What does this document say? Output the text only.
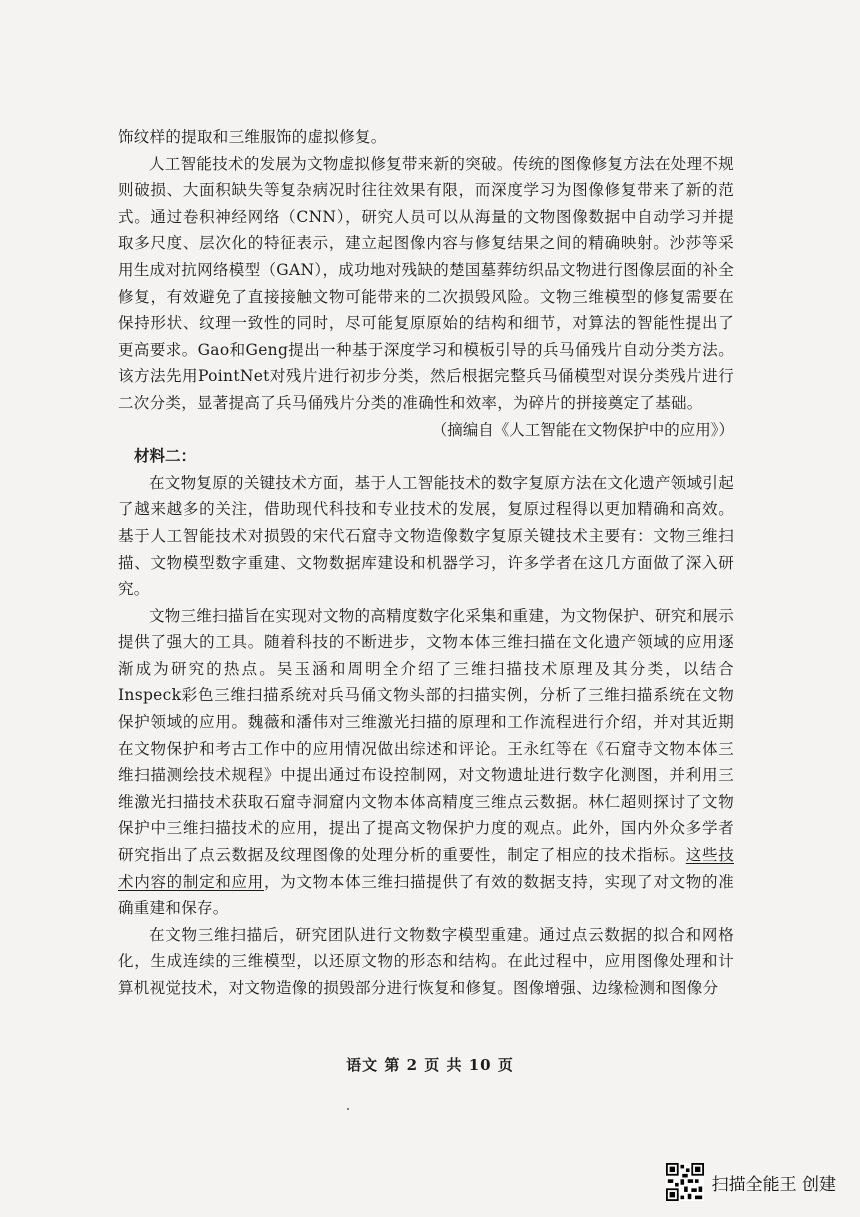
饰纹样的提取和三维服饰的虚拟修复。

人工智能技术的发展为文物虚拟修复带来新的突破。传统的图像修复方法在处理不规则破损、大面积缺失等复杂病况时往往效果有限，而深度学习为图像修复带来了新的范式。通过卷积神经网络（CNN），研究人员可以从海量的文物图像数据中自动学习并提取多尺度、层次化的特征表示，建立起图像内容与修复结果之间的精确映射。沙莎等采用生成对抗网络模型（GAN），成功地对残缺的楚国墓葬纺织品文物进行图像层面的补全修复，有效避免了直接接触文物可能带来的二次损毁风险。文物三维模型的修复需要在保持形状、纹理一致性的同时，尽可能复原原始的结构和细节，对算法的智能性提出了更高要求。Gao和Geng提出一种基于深度学习和模板引导的兵马俑残片自动分类方法。该方法先用PointNet对残片进行初步分类，然后根据完整兵马俑模型对误分类残片进行二次分类，显著提高了兵马俑残片分类的准确性和效率，为碎片的拼接奠定了基础。

（摘编自《人工智能在文物保护中的应用》）

材料二：

在文物复原的关键技术方面，基于人工智能技术的数字复原方法在文化遗产领域引起了越来越多的关注，借助现代科技和专业技术的发展，复原过程得以更加精确和高效。基于人工智能技术对损毁的宋代石窟寺文物造像数字复原关键技术主要有：文物三维扫描、文物模型数字重建、文物数据库建设和机器学习，许多学者在这几方面做了深入研究。

文物三维扫描旨在实现对文物的高精度数字化采集和重建，为文物保护、研究和展示提供了强大的工具。随着科技的不断进步，文物本体三维扫描在文化遗产领域的应用逐渐成为研究的热点。吴玉涵和周明全介绍了三维扫描技术原理及其分类，以结合Inspeck彩色三维扫描系统对兵马俑文物头部的扫描实例，分析了三维扫描系统在文物保护领域的应用。魏薇和潘伟对三维激光扫描的原理和工作流程进行介绍，并对其近期在文物保护和考古工作中的应用情况做出综述和评论。王永红等在《石窟寺文物本体三维扫描测绘技术规程》中提出通过布设控制网，对文物遗址进行数字化测图，并利用三维激光扫描技术获取石窟寺洞窟内文物本体高精度三维点云数据。林仁超则探讨了文物保护中三维扫描技术的应用，提出了提高文物保护力度的观点。此外，国内外众多学者研究指出了点云数据及纹理图像的处理分析的重要性，制定了相应的技术指标。这些技术内容的制定和应用，为文物本体三维扫描提供了有效的数据支持，实现了对文物的准确重建和保存。

在文物三维扫描后，研究团队进行文物数字模型重建。通过点云数据的拟合和网格化，生成连续的三维模型，以还原文物的形态和结构。在此过程中，应用图像处理和计算机视觉技术，对文物造像的损毁部分进行恢复和修复。图像增强、边缘检测和图像分

语文 第 2 页 共 10 页
扫描全能王 创建
